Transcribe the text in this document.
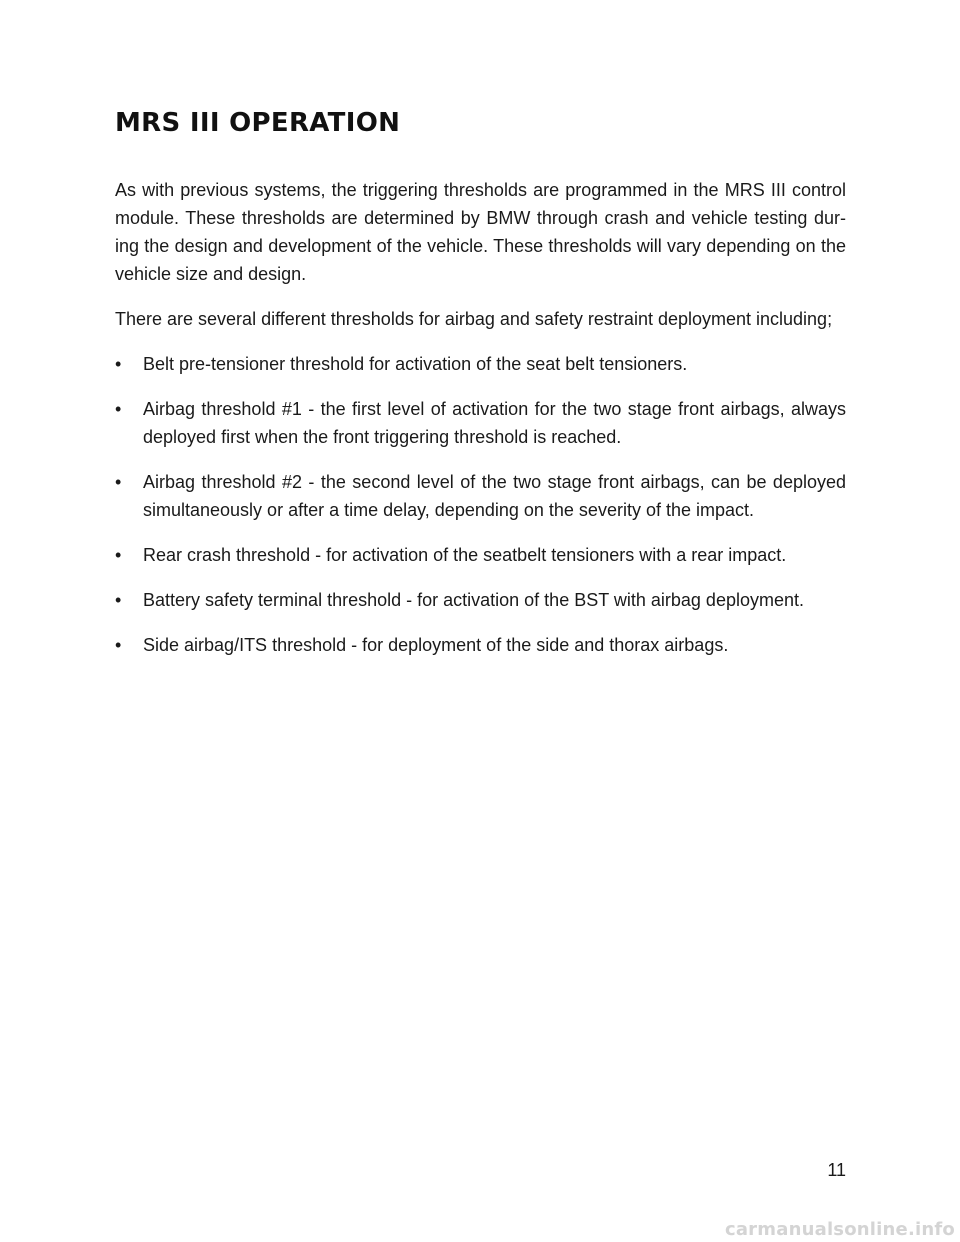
MRS III OPERATION

As with previous systems, the triggering thresholds are programmed in the MRS III control module. These thresholds are determined by BMW through crash and vehicle testing dur-ing the design and development of the vehicle. These thresholds will vary depending on the vehicle size and design.

There are several different thresholds for airbag and safety restraint deployment including;

• Belt pre-tensioner threshold for activation of the seat belt tensioners.
• Airbag threshold #1 - the first level of activation for the two stage front airbags, always deployed first when the front triggering threshold is reached.
• Airbag threshold #2 - the second level of the two stage front airbags, can be deployed simultaneously or after a time delay, depending on the severity of the impact.
• Rear crash threshold - for activation of the seatbelt tensioners with a rear impact.
• Battery safety terminal threshold - for activation of the BST with airbag deployment.
• Side airbag/ITS threshold - for deployment of the side and thorax airbags.
11
carmanualsonline.info
